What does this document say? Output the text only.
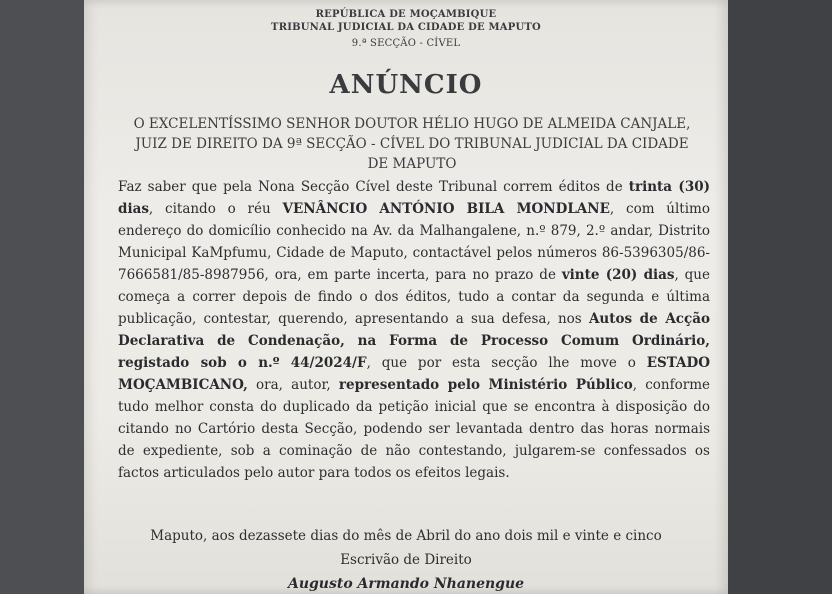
REPÚBLICA DE MOÇAMBIQUE
TRIBUNAL JUDICIAL DA CIDADE DE MAPUTO
9.ª SECÇÃO - CÍVEL
ANÚNCIO
O EXCELENTÍSSIMO SENHOR DOUTOR HÉLIO HUGO DE ALMEIDA CANJALE, JUIZ DE DIREITO DA 9ª SECÇÃO - CÍVEL DO TRIBUNAL JUDICIAL DA CIDADE DE MAPUTO
Faz saber que pela Nona Secção Cível deste Tribunal correm éditos de trinta (30) dias, citando o réu VENÂNCIO ANTÓNIO BILA MONDLANE, com último endereço do domicílio conhecido na Av. da Malhangalene, n.º 879, 2.º andar, Distrito Municipal KaMpfumu, Cidade de Maputo, contactável pelos números 86-5396305/86-7666581/85-8987956, ora, em parte incerta, para no prazo de vinte (20) dias, que começa a correr depois de findo o dos éditos, tudo a contar da segunda e última publicação, contestar, querendo, apresentando a sua defesa, nos Autos de Acção Declarativa de Condenação, na Forma de Processo Comum Ordinário, registado sob o n.º 44/2024/F, que por esta secção lhe move o ESTADO MOÇAMBICANO, ora, autor, representado pelo Ministério Público, conforme tudo melhor consta do duplicado da petição inicial que se encontra à disposição do citando no Cartório desta Secção, podendo ser levantada dentro das horas normais de expediente, sob a cominação de não contestando, julgarem-se confessados os factos articulados pelo autor para todos os efeitos legais.
Maputo, aos dezassete dias do mês de Abril do ano dois mil e vinte e cinco
Escrivão de Direito
Augusto Armando Nhanengue
